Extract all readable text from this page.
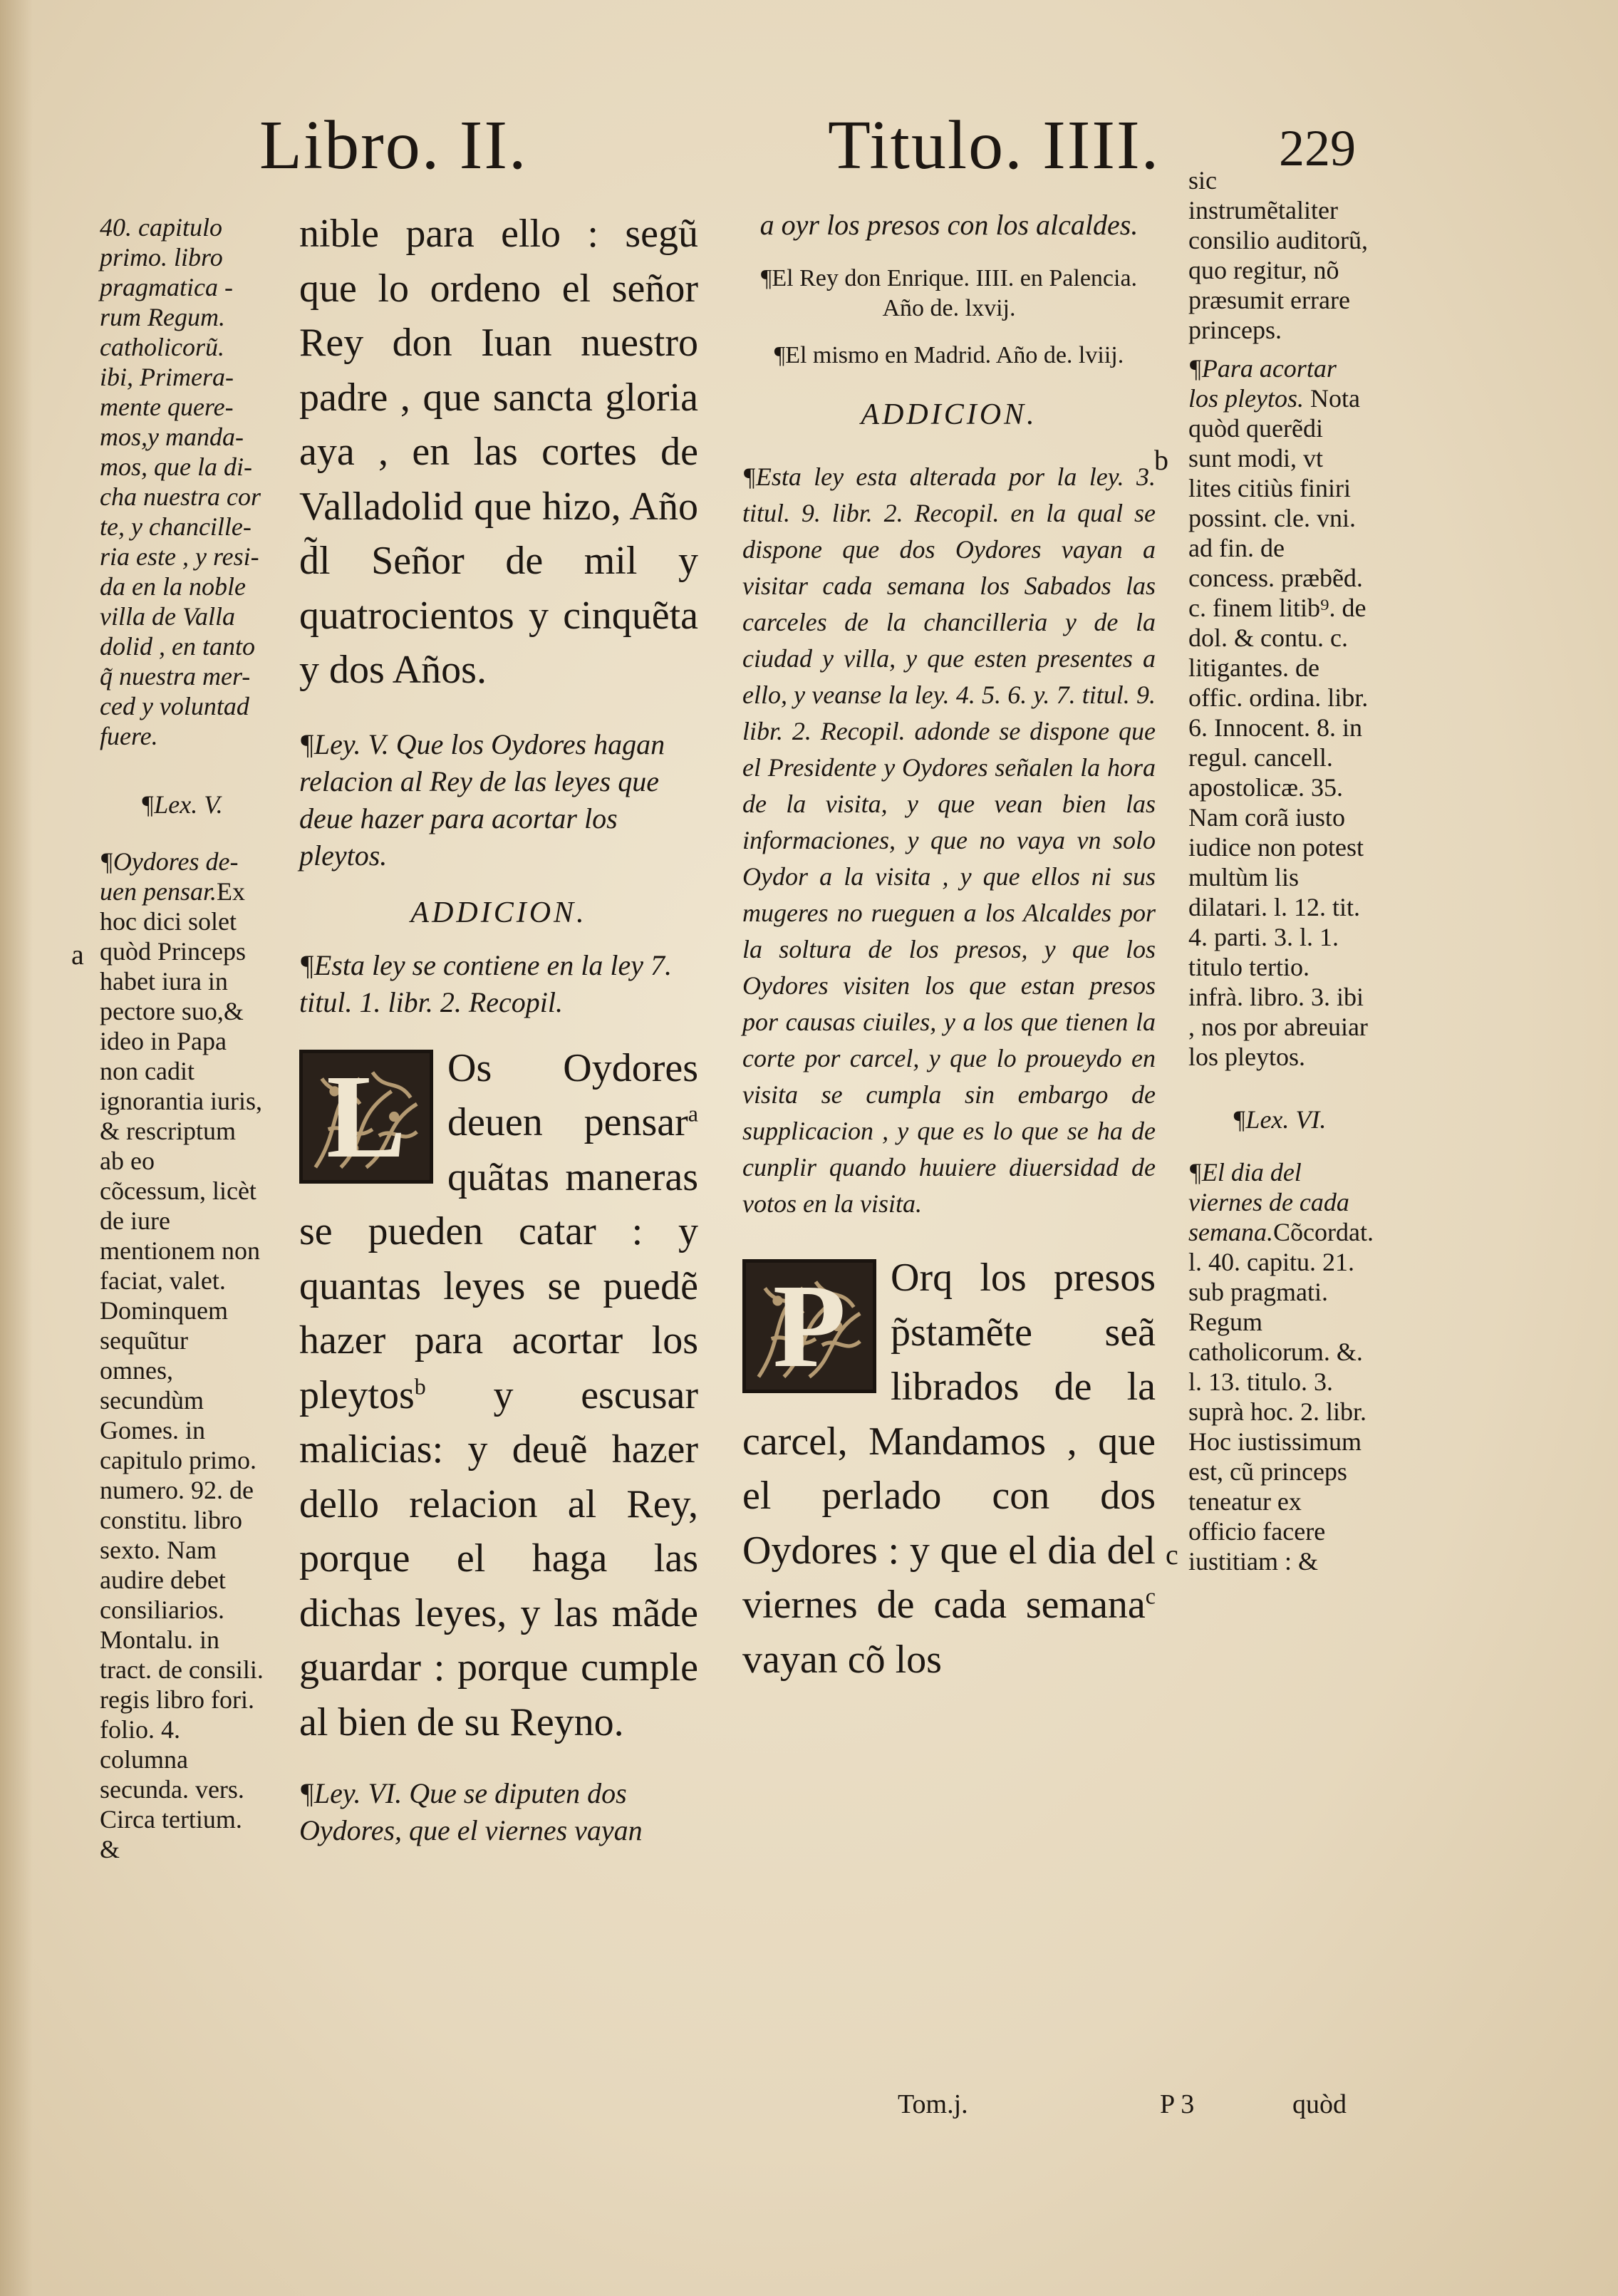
Libro. II.	Titulo. IIII. 229

40. capitulo primo. libro pragmatica - rum Regum. catholicorũ. ibi, Primera- mente quere- mos,y manda- mos, que la di- cha nuestra cor te, y chancille- ria este , y resi- da en la noble villa de Valla dolid , en tanto q̃ nuestra mer- ced y voluntad fuere.

¶Lex. V.

¶Oydores de- uen pensar.Ex hoc dici solet quòd Princeps habet iura in pectore suo,& ideo in Papa non cadit ignorantia iuris, & rescriptum ab eo cõcessum, licèt de iure mentionem non faciat, valet. Dominquem sequũtur omnes, secundùm Gomes. in capitulo primo. numero. 92. de constitu. libro sexto. Nam audire debet consiliarios. Montalu. in tract. de consili. regis libro fori. folio. 4. columna secunda. vers. Circa tertium. &

a

nible para ello : segũ que lo ordeno el señor Rey don Iuan nuestro padre , que sancta gloria aya , en las cortes de Valladolid que hizo, Año d̃l Señor de mil y quatrocientos y cinquẽta y dos Años.

¶Ley. V. Que los Oydores hagan relacion al Rey de las leyes que deue hazer para acortar los pleytos.

ADDICION.

¶Esta ley se contiene en la ley 7. titul. 1. libr. 2. Recopil.

L	Os Oydores deuen pensar$^a$ quãtas maneras se pueden catar : y quantas leyes se puedẽ hazer para acortar los pleytos$^b$ y escusar malicias: y deuẽ hazer dello relacion al Rey, porque el haga las dichas leyes, y las mãde guardar : porque cumple al bien de su Reyno.

¶Ley. VI. Que se diputen dos Oydores, que el viernes vayan

a oyr los presos con los alcaldes.

¶El Rey don Enrique. IIII. en Palencia. Año de. lxvij.

¶El mismo en Madrid. Año de. lviij.

ADDICION.

¶Esta ley esta alterada por la ley. 3. titul. 9. libr. 2. Recopil. en la qual se dispone que dos Oydores vayan a visitar cada semana los Sabados las carceles de la chancilleria y de la ciudad y villa, y que esten presentes a ello, y veanse la ley. 4. 5. 6. y. 7. titul. 9. libr. 2. Recopil. adonde se dispone que el Presidente y Oydores señalen la hora de la visita, y que vean bien las informaciones, y que no vaya vn solo Oydor a la visita , y que ellos ni sus mugeres no rueguen a los Alcaldes por la soltura de los presos, y que los Oydores visiten los que estan presos por causas ciuiles, y a los que tienen la corte por carcel, y que lo proueydo en visita se cumpla sin embargo de supplicacion , y que es lo que se ha de cunplir quando huuiere diuersidad de votos en la visita.

P	Orq los presos p̃stamẽte seã librados de la carcel, Mandamos , que el perlado con dos Oydores : y que el dia del viernes de cada semana$^c$ vayan cõ los
Tom.j.	P 3

sic instrumẽtaliter consilio auditorũ, quo regitur, nõ præsumit errare princeps.

¶Para acortar los pleytos. Nota quòd querẽdi sunt modi, vt lites citiùs finiri possint. cle. vni. ad fin. de concess. præbẽd. c. finem litib⁹. de dol. & contu. c. litigantes. de offic. ordina. libr. 6. Innocent. 8. in regul. cancell. apostolicæ. 35. Nam corã iusto iudice non potest multùm lis dilatari. l. 12. tit. 4. parti. 3. l. 1. titulo tertio. infrà. libro. 3. ibi , nos por abreuiar los pleytos.

¶Lex. VI.

¶El dia del viernes de cada semana.Cõcordat. l. 40. capitu. 21. sub pragmati. Regum catholicorum. &. l. 13. titulo. 3. suprà hoc. 2. libr. Hoc iustissimum est, cũ princeps teneatur ex officio facere iustitiam : &

b
c
quòd
